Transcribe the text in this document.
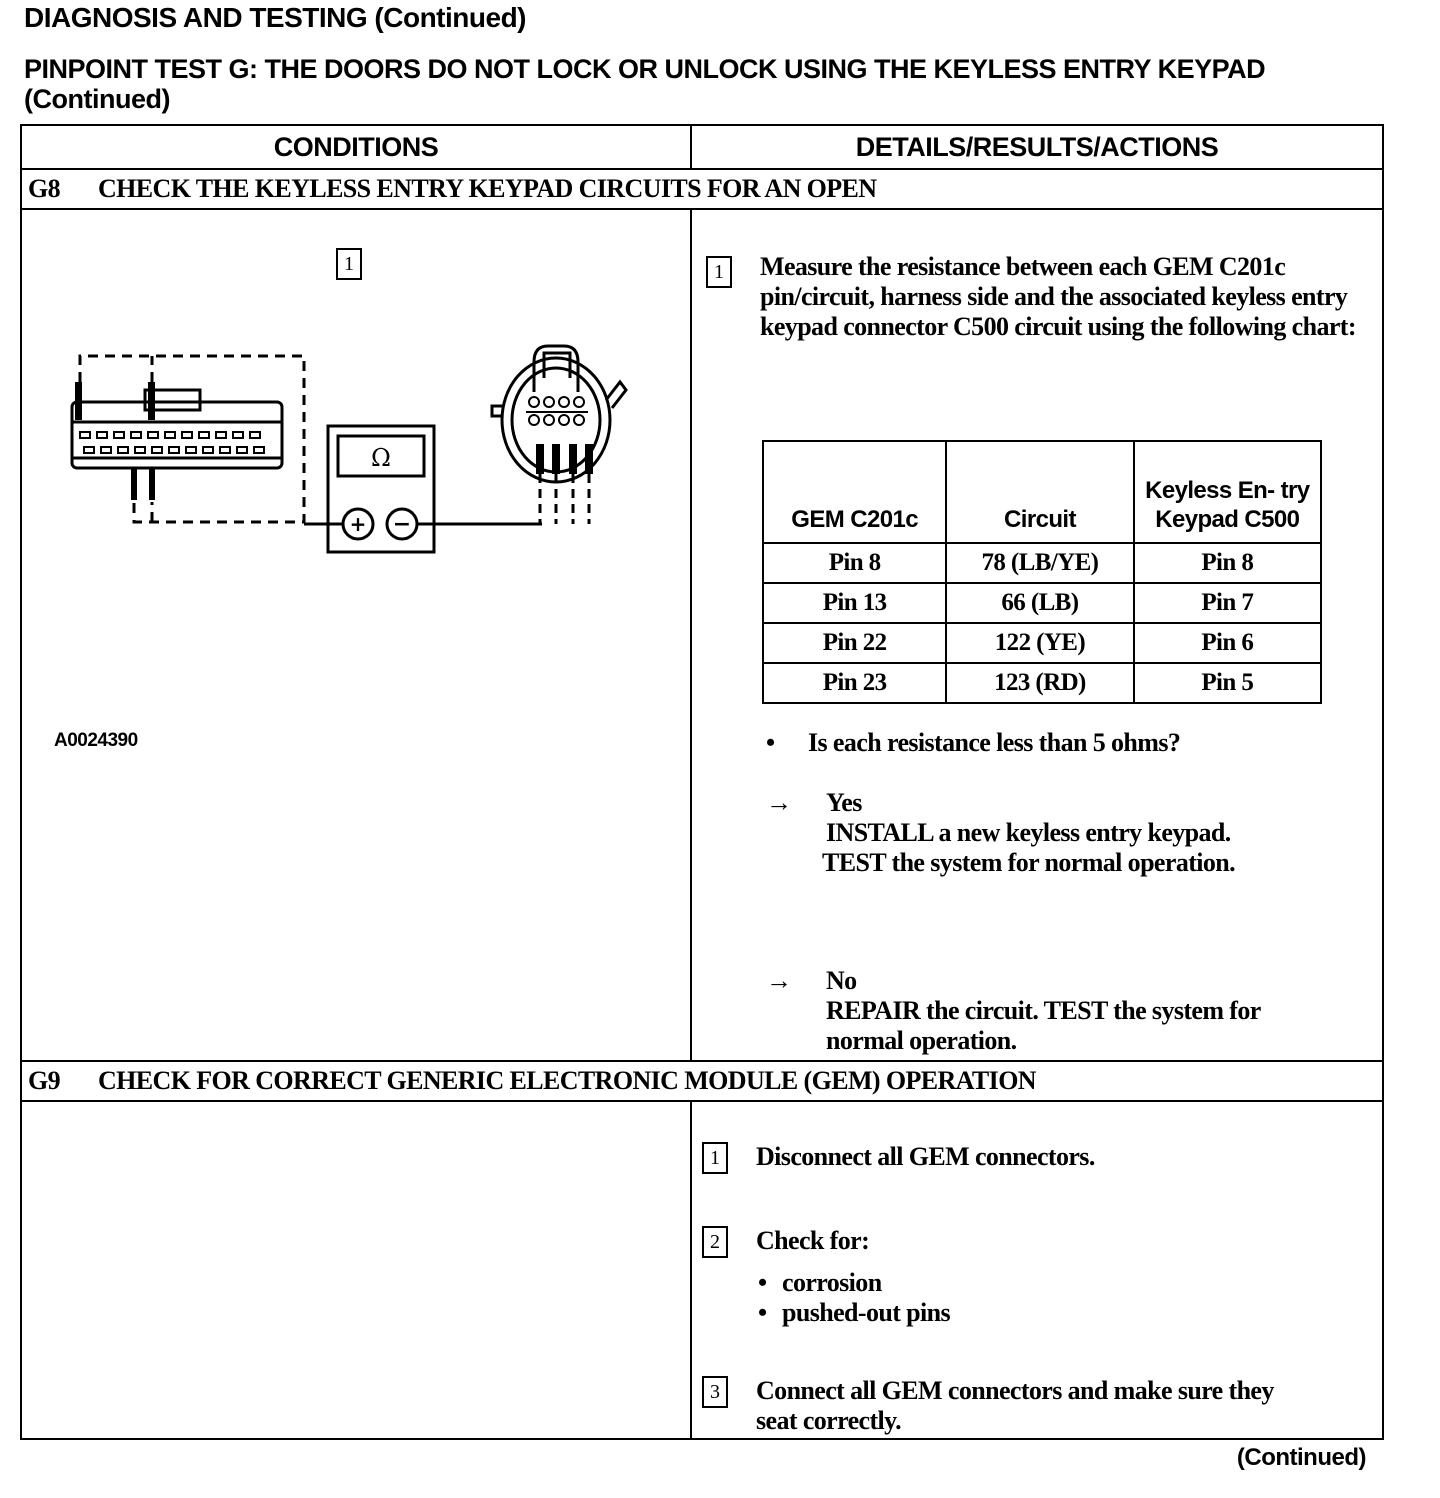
DIAGNOSIS AND TESTING (Continued)
PINPOINT TEST G: THE DOORS DO NOT LOCK OR UNLOCK USING THE KEYLESS ENTRY KEYPAD (Continued)
CONDITIONS	DETAILS/RESULTS/ACTIONS
G8 CHECK THE KEYLESS ENTRY KEYPAD CIRCUITS FOR AN OPEN
1
Ω
+ −
A0024390
1	Measure the resistance between each GEM C201c pin/circuit, harness side and the associated keyless entry keypad connector C500 circuit using the following chart:
GEM C201c	Circuit	Keyless En- try Keypad C500
Pin 8	78 (LB/YE)	Pin 8
Pin 13	66 (LB)	Pin 7
Pin 22	122 (YE)	Pin 6
Pin 23	123 (RD)	Pin 5
• Is each resistance less than 5 ohms?
→ Yes
INSTALL a new keyless entry keypad.
TEST the system for normal operation.
→ No
REPAIR the circuit. TEST the system for
normal operation.
G9 CHECK FOR CORRECT GENERIC ELECTRONIC MODULE (GEM) OPERATION
1	Disconnect all GEM connectors.
2	Check for:
• corrosion
• pushed-out pins
3	Connect all GEM connectors and make sure they
seat correctly.
(Continued)
